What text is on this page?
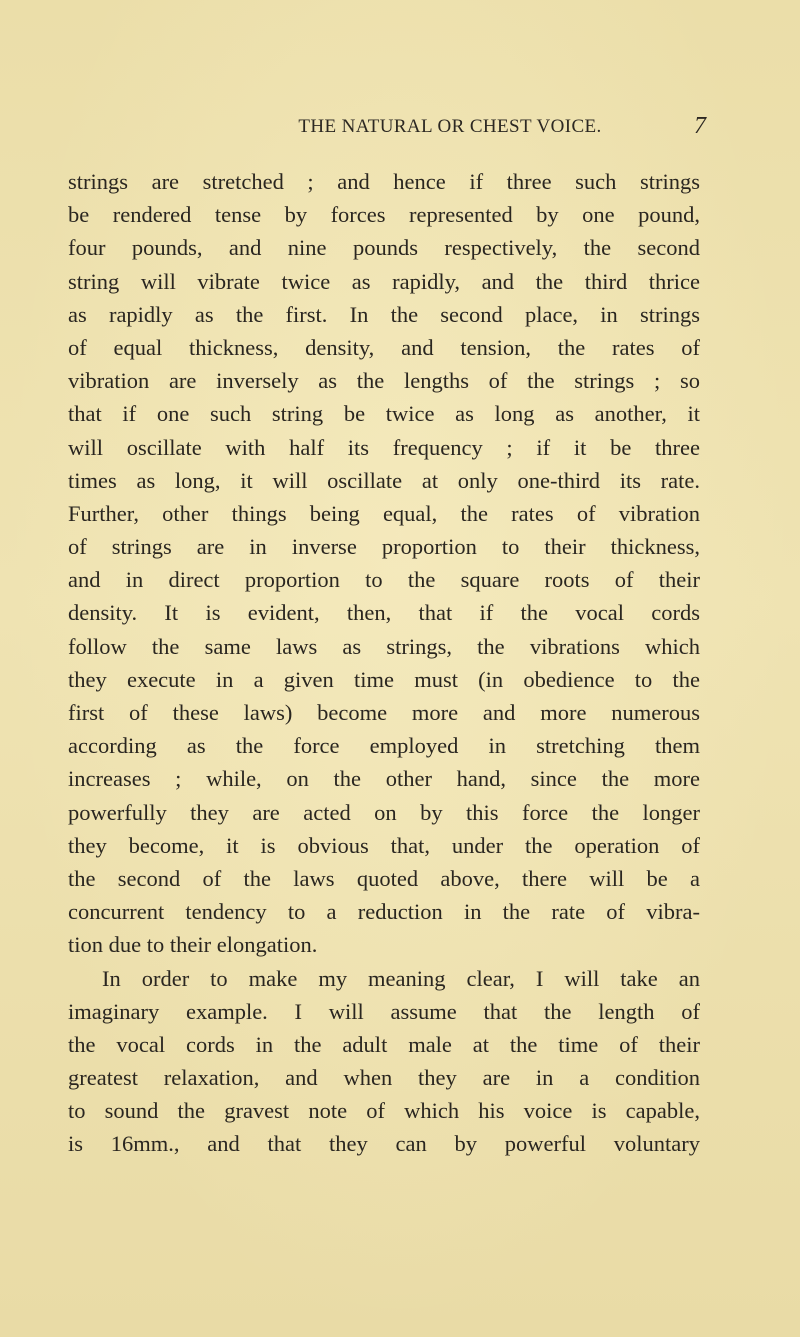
THE NATURAL OR CHEST VOICE.	7
strings are stretched ; and hence if three such strings
be rendered tense by forces represented by one pound,
four pounds, and nine pounds respectively, the second
string will vibrate twice as rapidly, and the third thrice
as rapidly as the first. In the second place, in strings
of equal thickness, density, and tension, the rates of
vibration are inversely as the lengths of the strings ; so
that if one such string be twice as long as another, it
will oscillate with half its frequency ; if it be three
times as long, it will oscillate at only one-third its rate.
Further, other things being equal, the rates of vibration
of strings are in inverse proportion to their thickness,
and in direct proportion to the square roots of their
density. It is evident, then, that if the vocal cords
follow the same laws as strings, the vibrations which
they execute in a given time must (in obedience to the
first of these laws) become more and more numerous
according as the force employed in stretching them
increases ; while, on the other hand, since the more
powerfully they are acted on by this force the longer
they become, it is obvious that, under the operation of
the second of the laws quoted above, there will be a
concurrent tendency to a reduction in the rate of vibra-
tion due to their elongation.
In order to make my meaning clear, I will take an
imaginary example. I will assume that the length of
the vocal cords in the adult male at the time of their
greatest relaxation, and when they are in a condition
to sound the gravest note of which his voice is capable,
is 16mm., and that they can by powerful voluntary
